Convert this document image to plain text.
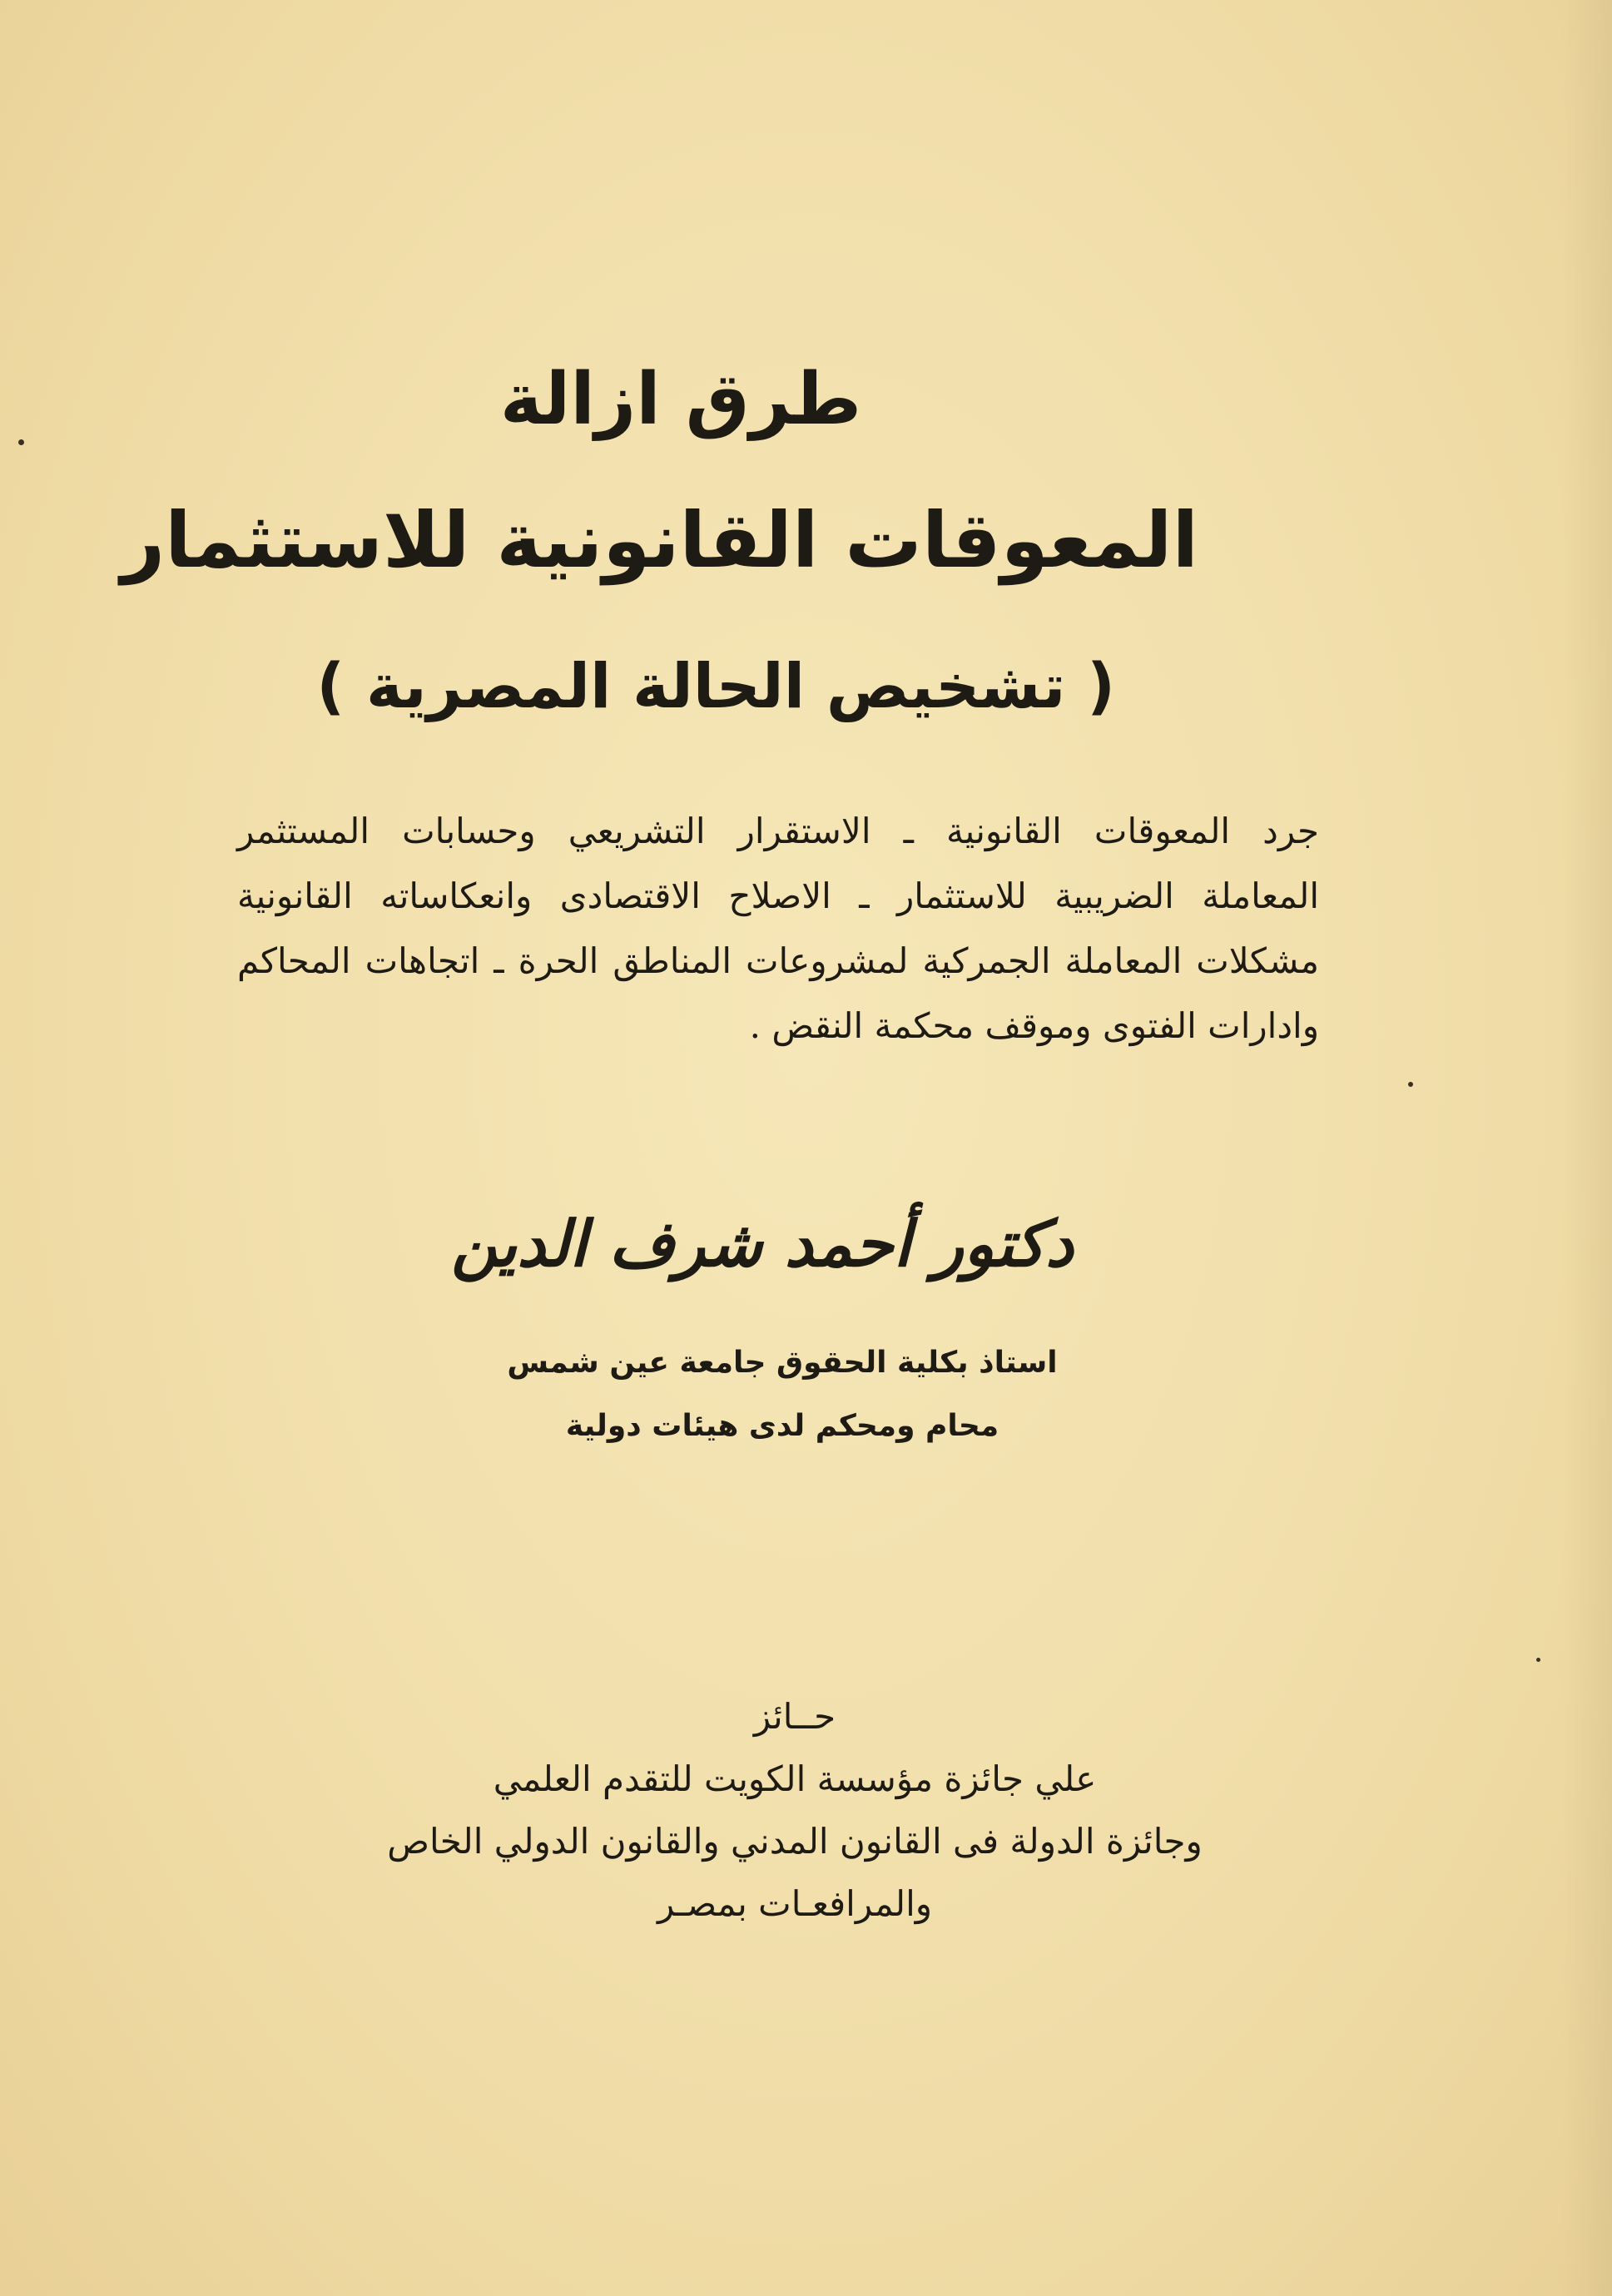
طرق ازالة
المعوقات القانونية للاستثمار
( تشخيص الحالة المصرية )
جرد المعوقات القانونية ـ الاستقرار التشريعي وحسابات المستثمر
المعاملة الضريبية للاستثمار ـ الاصلاح الاقتصادى وانعكاساته القانونية
مشكلات المعاملة الجمركية لمشروعات المناطق الحرة ـ اتجاهات المحاكم
وادارات الفتوى وموقف محكمة النقض .
دكتور أحمد شرف الدين
استاذ بكلية الحقوق جامعة عين شمس
محام ومحكم لدى هيئات دولية
حــائز
علي جائزة مؤسسة الكويت للتقدم العلمي
وجائزة الدولة فى القانون المدني والقانون الدولي الخاص
والمرافعـات بمصـر
